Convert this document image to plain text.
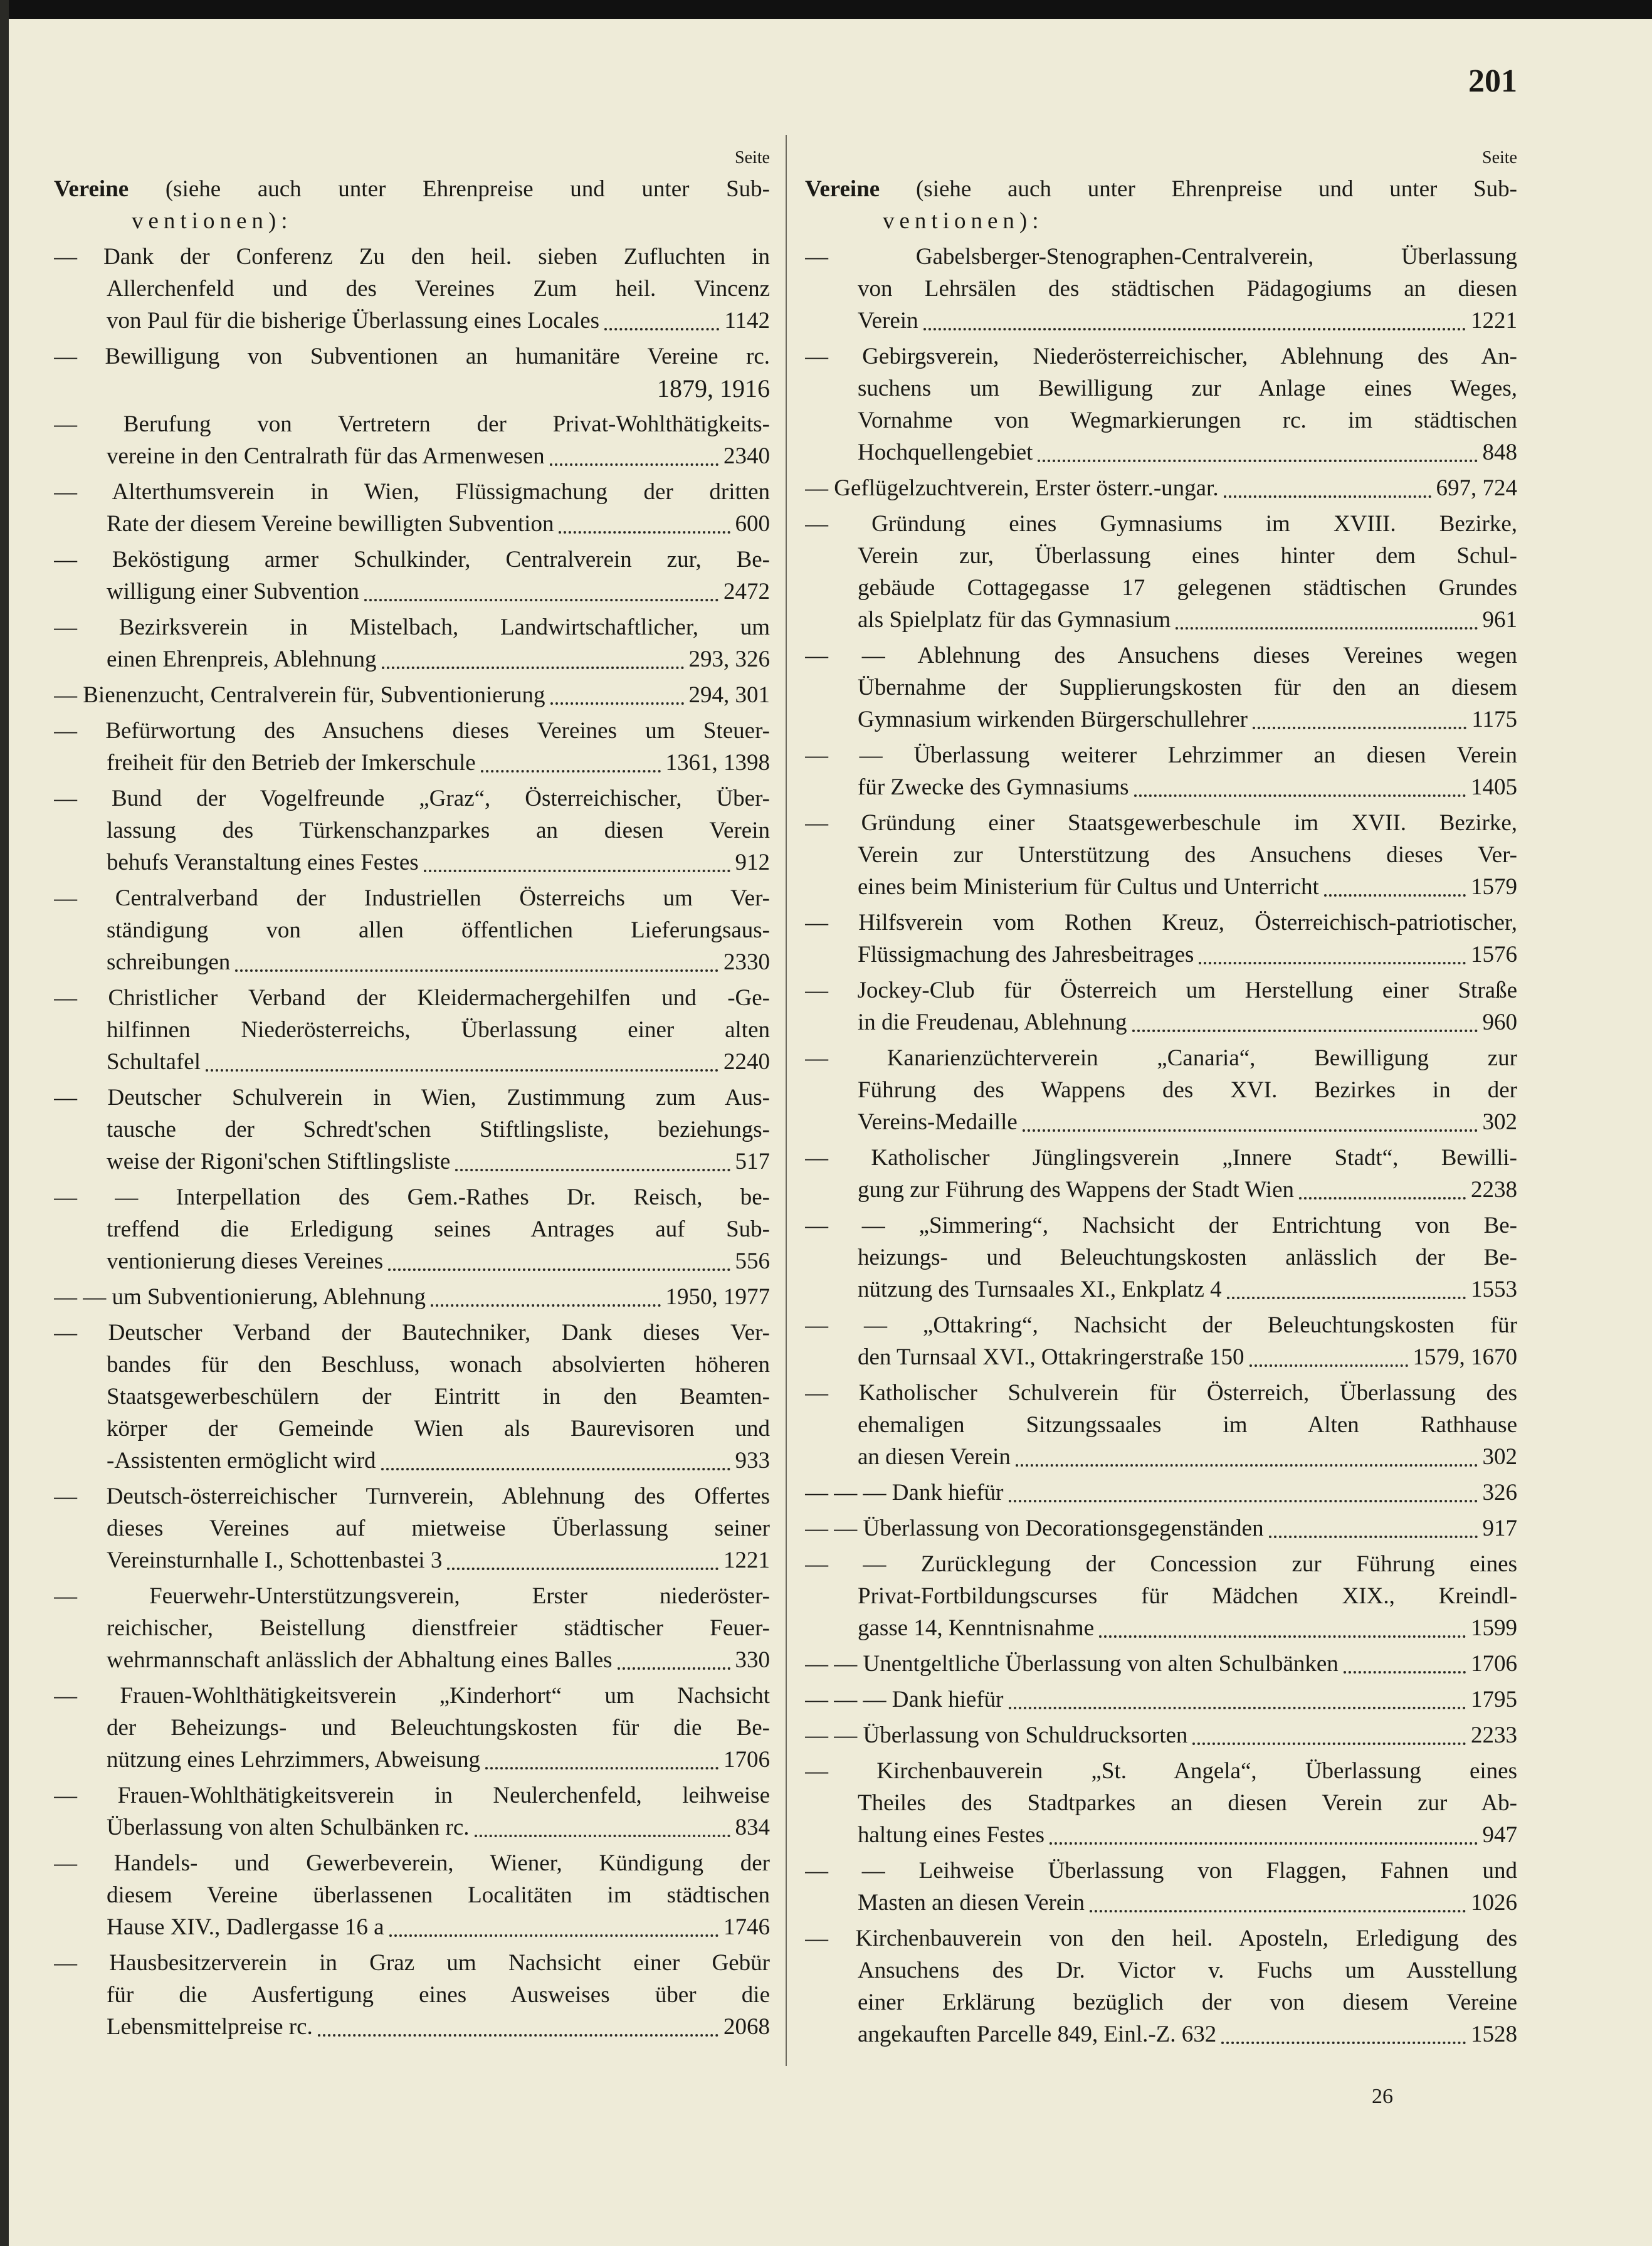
201
26
Seite
Vereine (siehe auch unter Ehrenpreise und unter Sub-
ventionen):
— Dank der Conferenz Zu den heil. sieben Zufluchten in
Allerchenfeld und des Vereines Zum heil. Vincenz
von Paul für die bisherige Überlassung eines Locales	1142
— Bewilligung von Subventionen an humanitäre Vereine rc.
1879, 1916
— Berufung von Vertretern der Privat-Wohlthätigkeits-
vereine in den Centralrath für das Armenwesen	2340
— Alterthumsverein in Wien, Flüssigmachung der dritten
Rate der diesem Vereine bewilligten Subvention	600
— Beköstigung armer Schulkinder, Centralverein zur, Be-
willigung einer Subvention	2472
— Bezirksverein in Mistelbach, Landwirtschaftlicher, um
einen Ehrenpreis, Ablehnung	293, 326
— Bienenzucht, Centralverein für, Subventionierung	294, 301
— Befürwortung des Ansuchens dieses Vereines um Steuer-
freiheit für den Betrieb der Imkerschule	1361, 1398
— Bund der Vogelfreunde „Graz“, Österreichischer, Über-
lassung des Türkenschanzparkes an diesen Verein
behufs Veranstaltung eines Festes	912
— Centralverband der Industriellen Österreichs um Ver-
ständigung von allen öffentlichen Lieferungsaus-
schreibungen	2330
— Christlicher Verband der Kleidermachergehilfen und -Ge-
hilfinnen Niederösterreichs, Überlassung einer alten
Schultafel	2240
— Deutscher Schulverein in Wien, Zustimmung zum Aus-
tausche der Schredt'schen Stiftlingsliste, beziehungs-
weise der Rigoni'schen Stiftlingsliste	517
— — Interpellation des Gem.-Rathes Dr. Reisch, be-
treffend die Erledigung seines Antrages auf Sub-
ventionierung dieses Vereines	556
— — um Subventionierung, Ablehnung	1950, 1977
— Deutscher Verband der Bautechniker, Dank dieses Ver-
bandes für den Beschluss, wonach absolvierten höheren
Staatsgewerbeschülern der Eintritt in den Beamten-
körper der Gemeinde Wien als Baurevisoren und
-Assistenten ermöglicht wird	933
— Deutsch-österreichischer Turnverein, Ablehnung des Offertes
dieses Vereines auf mietweise Überlassung seiner
Vereinsturnhalle I., Schottenbastei 3	1221
— Feuerwehr-Unterstützungsverein, Erster niederöster-
reichischer, Beistellung dienstfreier städtischer Feuer-
wehrmannschaft anlässlich der Abhaltung eines Balles	330
— Frauen-Wohlthätigkeitsverein „Kinderhort“ um Nachsicht
der Beheizungs- und Beleuchtungskosten für die Be-
nützung eines Lehrzimmers, Abweisung	1706
— Frauen-Wohlthätigkeitsverein in Neulerchenfeld, leihweise
Überlassung von alten Schulbänken rc.	834
— Handels- und Gewerbeverein, Wiener, Kündigung der
diesem Vereine überlassenen Localitäten im städtischen
Hause XIV., Dadlergasse 16 a	1746
— Hausbesitzerverein in Graz um Nachsicht einer Gebür
für die Ausfertigung eines Ausweises über die
Lebensmittelpreise rc.	2068
Seite
Vereine (siehe auch unter Ehrenpreise und unter Sub-
ventionen):
— Gabelsberger-Stenographen-Centralverein, Überlassung
von Lehrsälen des städtischen Pädagogiums an diesen
Verein	1221
— Gebirgsverein, Niederösterreichischer, Ablehnung des An-
suchens um Bewilligung zur Anlage eines Weges,
Vornahme von Wegmarkierungen rc. im städtischen
Hochquellengebiet	848
— Geflügelzuchtverein, Erster österr.-ungar.	697, 724
— Gründung eines Gymnasiums im XVIII. Bezirke,
Verein zur, Überlassung eines hinter dem Schul-
gebäude Cottagegasse 17 gelegenen städtischen Grundes
als Spielplatz für das Gymnasium	961
— — Ablehnung des Ansuchens dieses Vereines wegen
Übernahme der Supplierungskosten für den an diesem
Gymnasium wirkenden Bürgerschullehrer	1175
— — Überlassung weiterer Lehrzimmer an diesen Verein
für Zwecke des Gymnasiums	1405
— Gründung einer Staatsgewerbeschule im XVII. Bezirke,
Verein zur Unterstützung des Ansuchens dieses Ver-
eines beim Ministerium für Cultus und Unterricht	1579
— Hilfsverein vom Rothen Kreuz, Österreichisch-patriotischer,
Flüssigmachung des Jahresbeitrages	1576
— Jockey-Club für Österreich um Herstellung einer Straße
in die Freudenau, Ablehnung	960
— Kanarienzüchterverein „Canaria“, Bewilligung zur
Führung des Wappens des XVI. Bezirkes in der
Vereins-Medaille	302
— Katholischer Jünglingsverein „Innere Stadt“, Bewilli-
gung zur Führung des Wappens der Stadt Wien	2238
— — „Simmering“, Nachsicht der Entrichtung von Be-
heizungs- und Beleuchtungskosten anlässlich der Be-
nützung des Turnsaales XI., Enkplatz 4	1553
— — „Ottakring“, Nachsicht der Beleuchtungskosten für
den Turnsaal XVI., Ottakringerstraße 150	1579, 1670
— Katholischer Schulverein für Österreich, Überlassung des
ehemaligen Sitzungssaales im Alten Rathhause
an diesen Verein	302
— — — Dank hiefür	326
— — Überlassung von Decorationsgegenständen	917
— — Zurücklegung der Concession zur Führung eines
Privat-Fortbildungscurses für Mädchen XIX., Kreindl-
gasse 14, Kenntnisnahme	1599
— — Unentgeltliche Überlassung von alten Schulbänken	1706
— — — Dank hiefür	1795
— — Überlassung von Schuldrucksorten	2233
— Kirchenbauverein „St. Angela“, Überlassung eines
Theiles des Stadtparkes an diesen Verein zur Ab-
haltung eines Festes	947
— — Leihweise Überlassung von Flaggen, Fahnen und
Masten an diesen Verein	1026
— Kirchenbauverein von den heil. Aposteln, Erledigung des
Ansuchens des Dr. Victor v. Fuchs um Ausstellung
einer Erklärung bezüglich der von diesem Vereine
angekauften Parcelle 849, Einl.-Z. 632	1528
